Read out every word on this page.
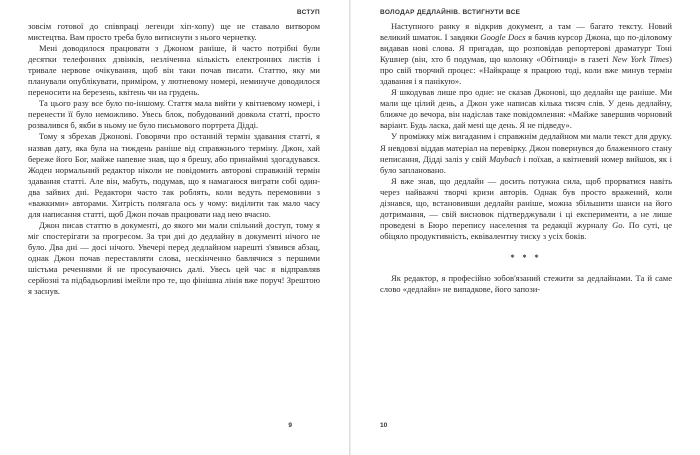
ВСТУП

зовсім готової до співпраці легенди хіп-хопу) ще не ставало витвором мистецтва. Вам просто треба було витиснути з нього чернетку.

Мені доводилося працювати з Джоном раніше, й часто потрібні були десятки телефонних дзвінків, незліченна кількість електронних листів і тривале нервове очікування, щоб він таки почав писати. Статтю, яку ми планували опублікувати, приміром, у лютневому номері, неминуче доводилося переносити на березень, квітень чи на грудень.

Та цього разу все було по-іншому. Стаття мала вийти у квітневому номері, і перенести її було неможливо. Увесь блок, побудований довкола статті, просто розвалився б, якби в ньому не було письмового портрета Дідді.

Тому я збрехав Джонові. Говорячи про останній термін здавання статті, я назвав дату, яка була на тиждень раніше від справжнього терміну. Джон, хай береже його Бог, майже напевне знав, що я брешу, або принаймні здогадувався. Жоден нормальний редактор ніколи не повідомить авторові справжній термін здавання статті. Але він, мабуть, подумав, що я намагаюся виграти собі один-два зайвих дні. Редактори часто так роблять, коли ведуть перемовини з «важкими» авторами. Хитрість полягала ось у чому: виділити так мало часу для написання статті, щоб Джон почав працювати над нею вчасно.

Джон писав статтю в документі, до якого ми мали спільний доступ, тому я міг спостерігати за прогресом. За три дні до дедлайну в документі нічого не було. Два дні — досі нічого. Увечері перед дедлайном нарешті з'явився абзац, однак Джон почав переставляти слова, нескінченно бавлячися з першими шістьма реченнями й не просуваючись далі. Увесь цей час я відправляв серйозні та підбадьорливі імейли про те, що фінішна лінія вже поруч! Зрештою я заснув.

9
ВОЛОДАР ДЕДЛАЙНІВ. ВСТИГНУТИ ВСЕ

Наступного ранку я відкрив документ, а там — багато тексту. Новий великий шматок. І завдяки Google Docs я бачив курсор Джона, що по-діловому видавав нові слова. Я пригадав, що розповідав репортерові драматург Тоні Кушнер (він, хто б подумав, що колонку «Обітниці» в газеті New York Times) про свій творчий процес: «Найкраще я працюю тоді, коли вже минув термін здавання і я панікую».

Я шкодував лише про одне: не сказав Джонові, що дедлайн ще раніше. Ми мали ще цілий день, а Джон уже написав кілька тисяч слів. У день дедлайну, ближче до вечора, він надіслав таке повідомлення: «Майже завершив чорновий варіант. Будь ласка, дай мені ще день. Я не підведу».

У проміжку між вигаданим і справжнім дедлайном ми мали текст для друку. Я невдовзі віддав матеріал на перевірку. Джон повернувся до блаженного стану неписання, Дідді заліз у свій Maybach і поїхав, а квітневий номер вийшов, як і було заплановано.

Я вже знав, що дедлайн — досить потужна сила, щоб прорватися навіть через найважчі творчі кризи авторів. Однак був просто вражений, коли дізнався, що, встановивши дедлайн раніше, можна збільшити шанси на його дотримання, — свій висновок підтверджували і ці експерименти, а не лише проведені в Бюро перепису населення та редакції журналу Go. По суті, це обіцяло продуктивність, еквівалентну тиску з усіх боків.

* * *

Як редактор, я професійно зобов'язаний стежити за дедлайнами. Та й саме слово «дедлайн» не випадкове, його запози-

10
